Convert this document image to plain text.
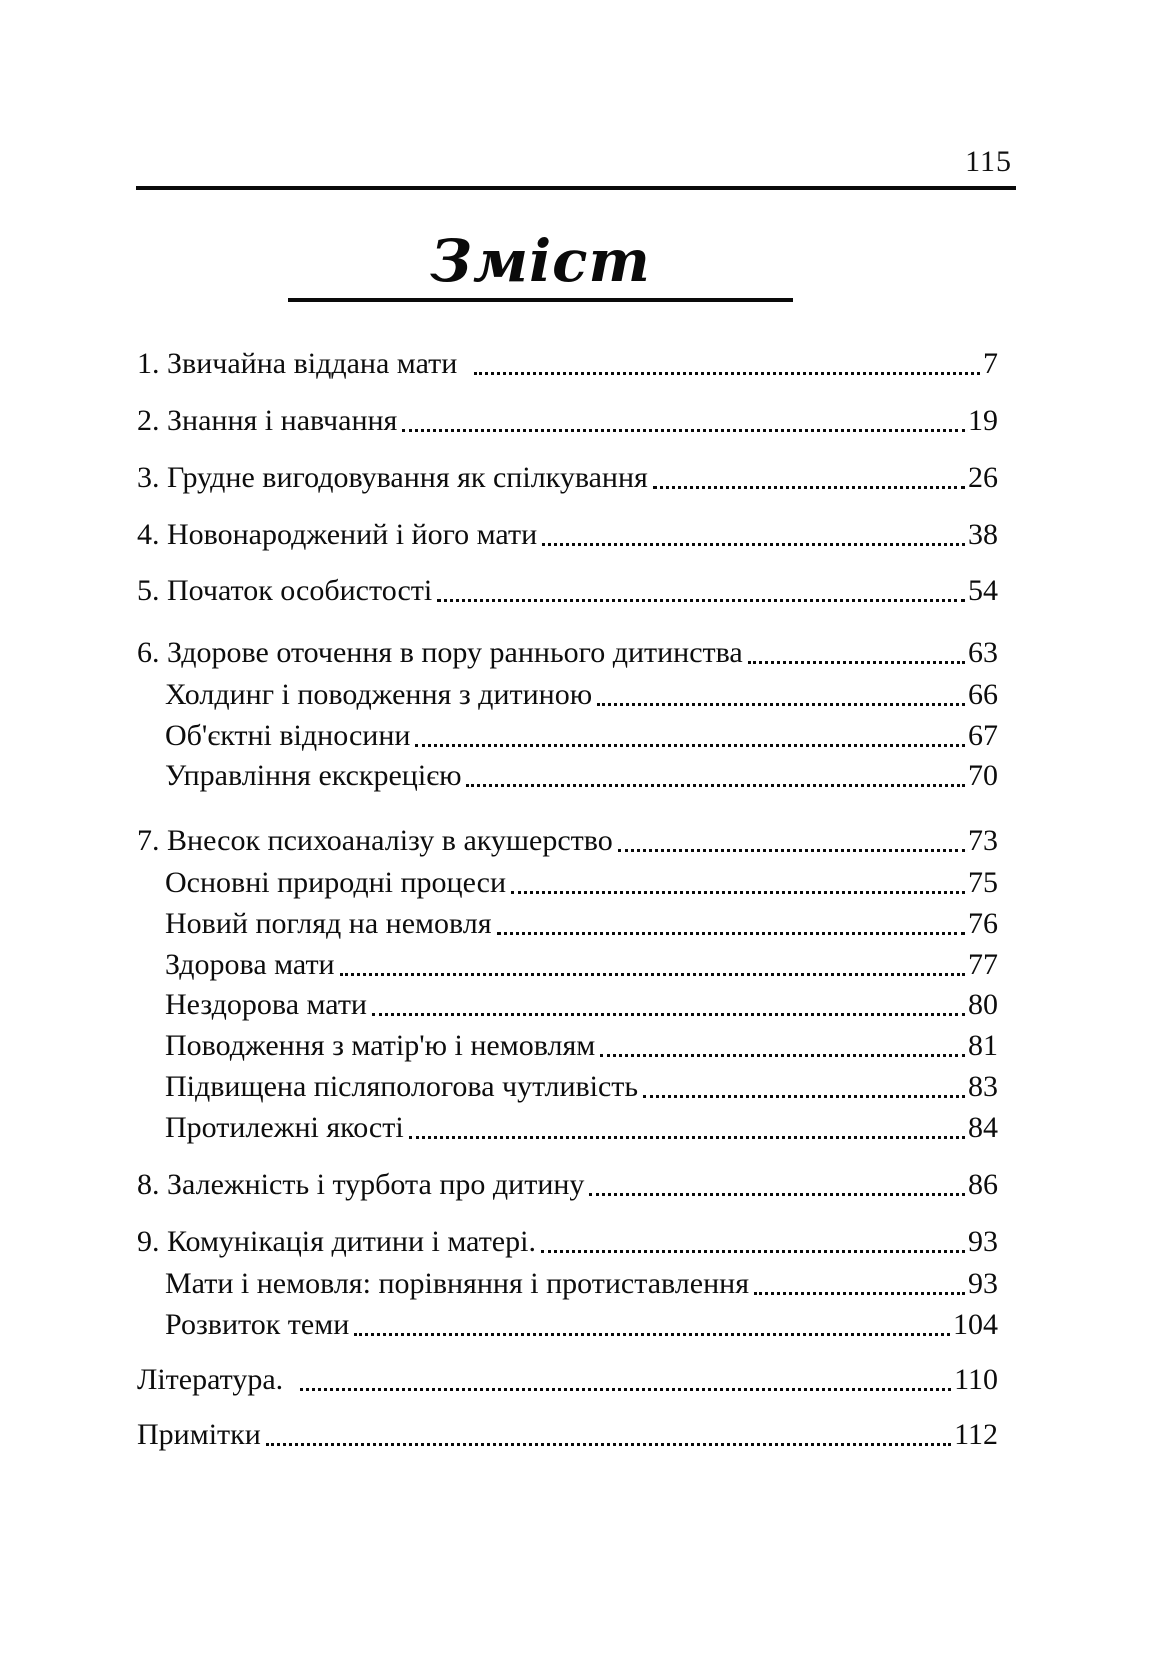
115
Зміст
1. Звичайна віддана мати	7
2. Знання і навчання	19
3. Грудне вигодовування як спілкування	26
4. Новонароджений і його мати	38
5. Початок особистості	54
6. Здорове оточення в пору раннього дитинства	63
Холдинг і поводження з дитиною	66
Об'єктні відносини	67
Управління екскрецією	70
7. Внесок психоаналізу в акушерство	73
Основні природні процеси	75
Новий погляд на немовля	76
Здорова мати	77
Нездорова мати	80
Поводження з матір'ю і немовлям	81
Підвищена післяпологова чутливість	83
Протилежні якості	84
8. Залежність і турбота про дитину	86
9. Комунікація дитини і матері.	93
Мати і немовля: порівняння і протиставлення	93
Розвиток теми	104
Література.	110
Примітки	112
